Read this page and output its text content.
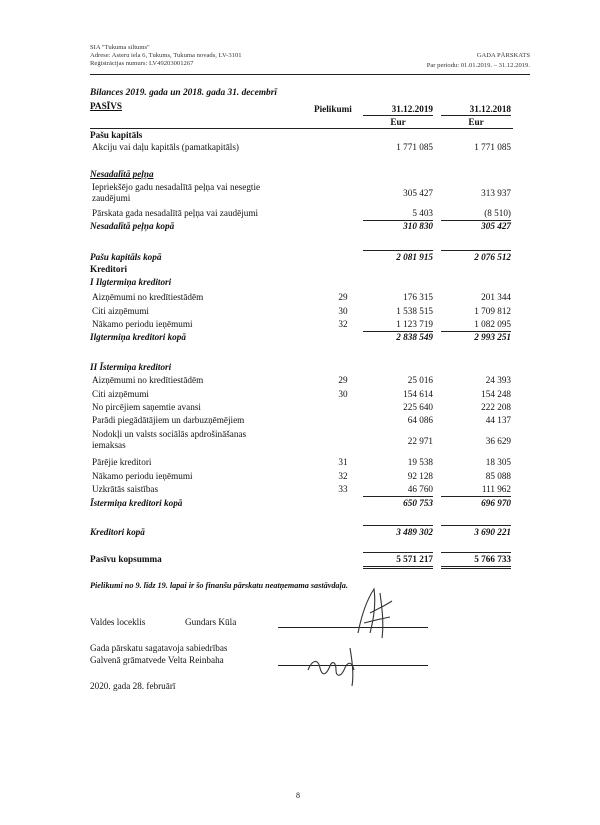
SIA "Tukuma siltums"
Adrese: Asteru iela 6, Tukums, Tukuma novads, LV-3101
Reģistrācijas numurs: LV49203001267
GADA PĀRSKATS
Par periodu: 01.01.2019. – 31.12.2019.
Bilances 2019. gada un 2018. gada 31. decembrī
PASĪVS	Pielikumi	31.12.2019	31.12.2018
Eur	Eur
Pašu kapitāls
Akciju vai daļu kapitāls (pamatkapitāls)	1 771 085	1 771 085
Nesadalītā peļņa
Iepriekšējo gadu nesadalītā peļņa vai nesegtie
zaudējumi	305 427	313 937
Pārskata gada nesadalītā peļņa vai zaudējumi	5 403	(8 510)
Nesadalītā peļņa kopā	310 830	305 427
Pašu kapitāls kopā	2 081 915	2 076 512
Kreditori
I Ilgtermiņa kreditori
Aizņēmumi no kredītiestādēm	29	176 315	201 344
Citi aizņēmumi	30	1 538 515	1 709 812
Nākamo periodu ieņēmumi	32	1 123 719	1 082 095
Ilgtermiņa kreditori kopā	2 838 549	2 993 251
II Īstermiņa kreditori
Aizņēmumi no kredītiestādēm	29	25 016	24 393
Citi aizņēmumi	30	154 614	154 248
No pircējiem saņemtie avansi	225 640	222 208
Parādi piegādātājiem un darbuzņēmējiem	64 086	44 137
Nodokļi un valsts sociālās apdrošināšanas
iemaksas	22 971	36 629
Pārējie kreditori	31	19 538	18 305
Nākamo periodu ieņēmumi	32	92 128	85 088
Uzkrātās saistības	33	46 760	111 962
Īstermiņa kreditori kopā	650 753	696 970
Kreditori kopā	3 489 302	3 690 221
Pasīvu kopsumma	5 571 217	5 766 733
Pielikumi no 9. līdz 19. lapai ir šo finanšu pārskatu neatņemama sastāvdaļa.
Valdes loceklis	Gundars Kūla
Gada pārskatu sagatavoja sabiedrības
Galvenā grāmatvede Velta Reinbaha
2020. gada 28. februārī
8
